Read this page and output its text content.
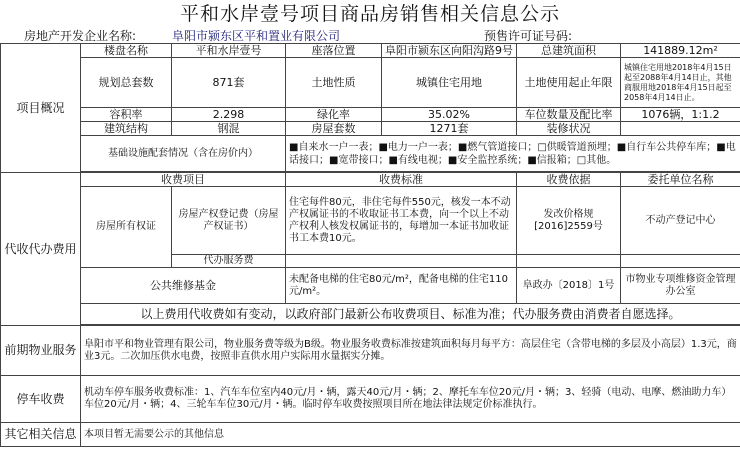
平和水岸壹号项目商品房销售相关信息公示
房地产开发企业名称:	阜阳市颍东区平和置业有限公司	预售许可证号码:
项目概况	楼盘名称	平和水岸壹号	座落位置	阜阳市颍东区向阳沟路9号	总建筑面积	141889.12m²
	规划总套数	871套	土地性质	城镇住宅用地	土地使用起止年限	城镇住宅用地2018年4月15日起至2088年4月14日止，其他商服用地2018年4月15日起至2058年4月14日止。
	容积率	2.298	绿化率	35.02%	车位数量及配比率	1076辆，1:1.2
	建筑结构	钢混	房屋套数	1271套	装修状况	
	基础设施配套情况（含在房价内）		■自来水一户一表；■电力一户一表；■燃气管道接口；□供暖管道预埋；■自行车公共停车库；■电话接口；■宽带接口；■有线电视；■安全监控系统；■信报箱；□其他。			

代收代办费用	收费项目		收费标准		收费依据	委托单位名称
	房屋所有权证	房屋产权登记费（房屋产权证书）	住宅每件80元，非住宅每件550元，核发一本不动产权属证书的不收取证书工本费，向一个以上不动产权利人核发权属证书的，每增加一本证书加收证书工本费10元。		发改价格规[2016]2559号	不动产登记中心
		代办服务费				
	公共维修基金		未配备电梯的住宅80元/m²，配备电梯的住宅110元/m²。		阜政办〔2018〕1号	市物业专项维修资金管理办公室
	以上费用代收费如有变动，以政府部门最新公布收费项目、标准为准；代办服务费由消费者自愿选择。					

前期物业服务	阜阳市平和物业管理有限公司，物业服务费等级为B级。物业服务收费标准按建筑面积每月每平方：高层住宅（含带电梯的多层及小高层）1.3元，商业3元。二次加压供水电费，按照非直供水用户实际用水量据实分摊。					
停车收费	机动车停车服务收费标准：1、汽车车位室内40元/月・辆，露天40元/月・辆；2、摩托车车位20元/月・辆；3、轻骑（电动、电摩、燃油助力车）车位20元/月・辆；4、三轮车车位30元/月・辆。临时停车收费按照项目所在地法律法规定价标准执行。					
其它相关信息	本项目暂无需要公示的其他信息					
